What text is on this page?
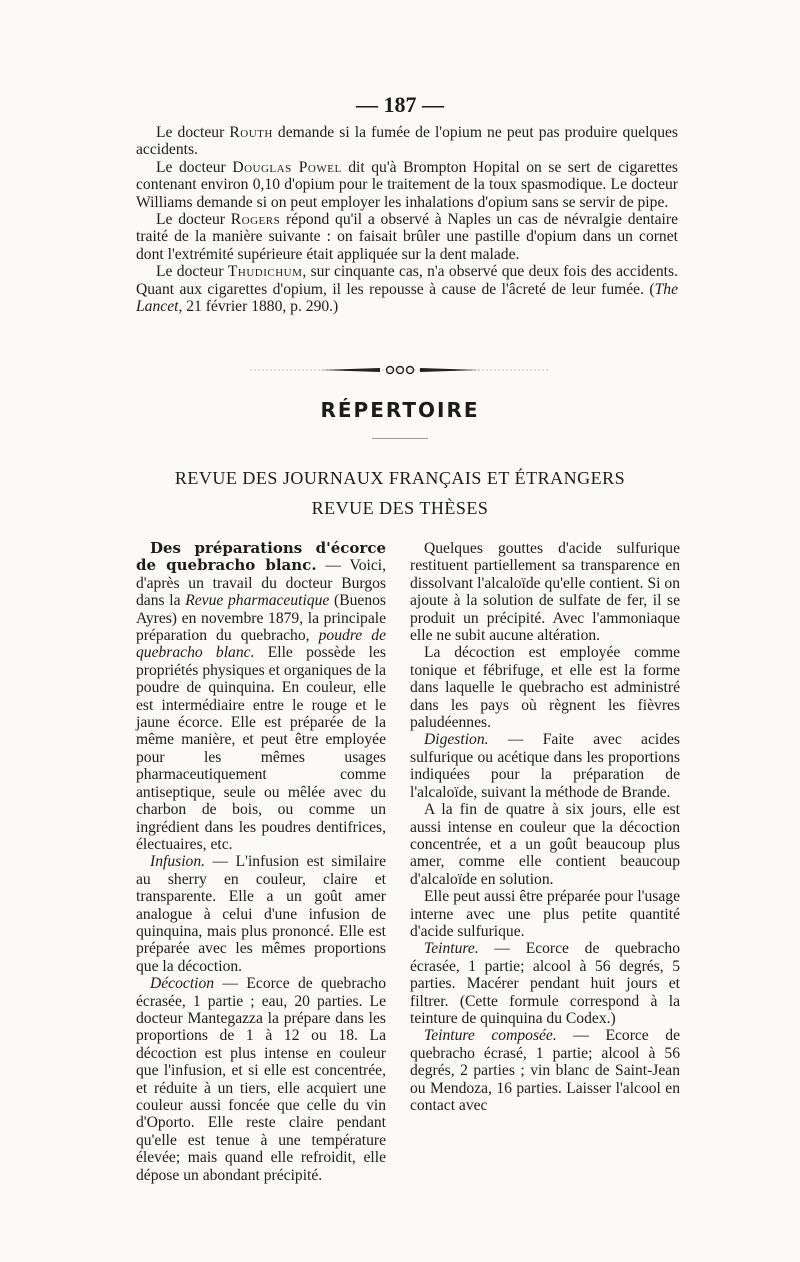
— 187 —

Le docteur Routh demande si la fumée de l'opium ne peut pas produire quelques accidents.

Le docteur Douglas Powel dit qu'à Brompton Hopital on se sert de cigarettes contenant environ 0,10 d'opium pour le traitement de la toux spasmodique. Le docteur Williams demande si on peut employer les inhalations d'opium sans se servir de pipe.

Le docteur Rogers répond qu'il a observé à Naples un cas de névralgie dentaire traité de la manière suivante : on faisait brûler une pastille d'opium dans un cornet dont l'extrémité supérieure était appliquée sur la dent malade.

Le docteur Thudichum, sur cinquante cas, n'a observé que deux fois des accidents. Quant aux cigarettes d'opium, il les repousse à cause de l'âcreté de leur fumée. (The Lancet, 21 février 1880, p. 290.)

RÉPERTOIRE
REVUE DES JOURNAUX FRANÇAIS ET ÉTRANGERS
REVUE DES THÈSES

Des préparations d'écorce de quebracho blanc. — Voici, d'après un travail du docteur Burgos dans la Revue pharmaceutique (Buenos Ayres) en novembre 1879, la principale préparation du quebracho, poudre de quebracho blanc. Elle possède les propriétés physiques et organiques de la poudre de quinquina. En couleur, elle est intermédiaire entre le rouge et le jaune écorce. Elle est préparée de la même manière, et peut être employée pour les mêmes usages pharmaceutiquement comme antiseptique, seule ou mêlée avec du charbon de bois, ou comme un ingrédient dans les poudres dentifrices, électuaires, etc.

Infusion. — L'infusion est similaire au sherry en couleur, claire et transparente. Elle a un goût amer analogue à celui d'une infusion de quinquina, mais plus prononcé. Elle est préparée avec les mêmes proportions que la décoction.

Décoction — Ecorce de quebracho écrasée, 1 partie ; eau, 20 parties. Le docteur Mantegazza la prépare dans les proportions de 1 à 12 ou 18. La décoction est plus intense en couleur que l'infusion, et si elle est concentrée, et réduite à un tiers, elle acquiert une couleur aussi foncée que celle du vin d'Oporto. Elle reste claire pendant qu'elle est tenue à une température élevée; mais quand elle refroidit, elle dépose un abondant précipité.

Quelques gouttes d'acide sulfurique restituent partiellement sa transparence en dissolvant l'alcaloïde qu'elle contient. Si on ajoute à la solution de sulfate de fer, il se produit un précipité. Avec l'ammoniaque elle ne subit aucune altération.

La décoction est employée comme tonique et fébrifuge, et elle est la forme dans laquelle le quebracho est administré dans les pays où règnent les fièvres paludéennes.

Digestion. — Faite avec acides sulfurique ou acétique dans les proportions indiquées pour la préparation de l'alcaloïde, suivant la méthode de Brande.

A la fin de quatre à six jours, elle est aussi intense en couleur que la décoction concentrée, et a un goût beaucoup plus amer, comme elle contient beaucoup d'alcaloïde en solution.

Elle peut aussi être préparée pour l'usage interne avec une plus petite quantité d'acide sulfurique.

Teinture. — Ecorce de quebracho écrasée, 1 partie; alcool à 56 degrés, 5 parties. Macérer pendant huit jours et filtrer. (Cette formule correspond à la teinture de quinquina du Codex.)

Teinture composée. — Ecorce de quebracho écrasé, 1 partie; alcool à 56 degrés, 2 parties ; vin blanc de Saint-Jean ou Mendoza, 16 parties. Laisser l'alcool en contact avec
